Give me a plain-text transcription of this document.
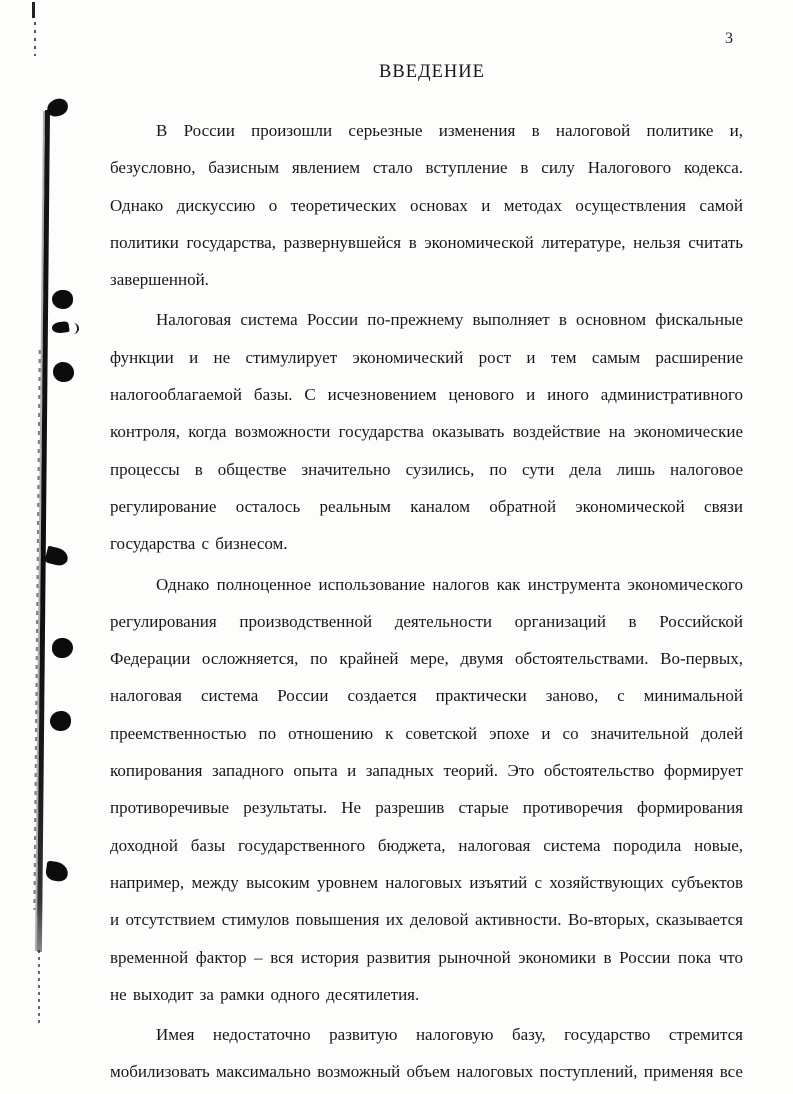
3
ВВЕДЕНИЕ

В России произошли серьезные изменения в налоговой политике и, безусловно, базисным явлением стало вступление в силу Налогового кодекса. Однако дискуссию о теоретических основах и методах осуществления самой политики государства, развернувшейся в экономической литературе, нельзя считать завершенной.

Налоговая система России по-прежнему выполняет в основном фискальные функции и не стимулирует экономический рост и тем самым расширение налогооблагаемой базы. С исчезновением ценового и иного административного контроля, когда возможности государства оказывать воздействие на экономические процессы в обществе значительно сузились, по сути дела лишь налоговое регулирование осталось реальным каналом обратной экономической связи государства с бизнесом.

Однако полноценное использование налогов как инструмента экономического регулирования производственной деятельности организаций в Российской Федерации осложняется, по крайней мере, двумя обстоятельствами. Во-первых, налоговая система России создается практически заново, с минимальной преемственностью по отношению к советской эпохе и со значительной долей копирования западного опыта и западных теорий. Это обстоятельство формирует противоречивые результаты. Не разрешив старые противоречия формирования доходной базы государственного бюджета, налоговая система породила новые, например, между высоким уровнем налоговых изъятий с хозяйствующих субъектов и отсутствием стимулов повышения их деловой активности. Во-вторых, сказывается временной фактор – вся история развития рыночной экономики в России пока что не выходит за рамки одного десятилетия.

Имея недостаточно развитую налоговую базу, государство стремится мобилизовать максимально возможный объем налоговых поступлений, применяя все
